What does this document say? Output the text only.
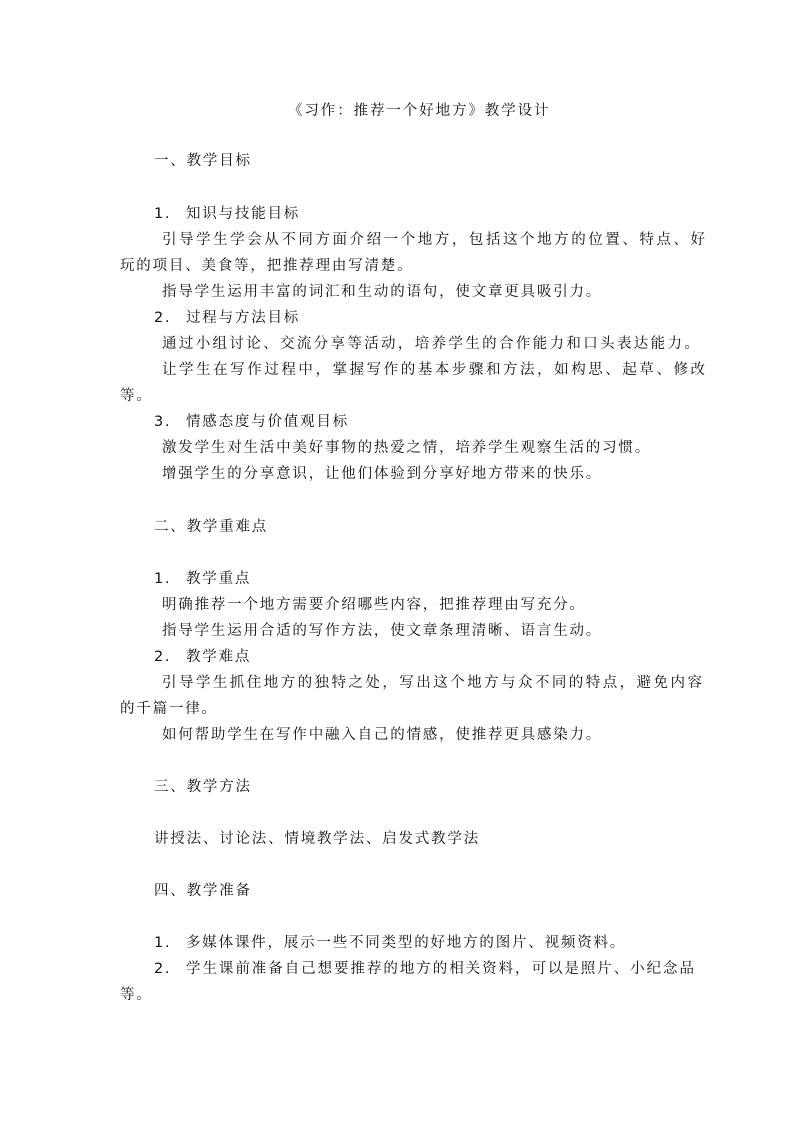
《习作：推荐一个好地方》教学设计
一、教学目标
1. 知识与技能目标
引导学生学会从不同方面介绍一个地方，包括这个地方的位置、特点、好
玩的项目、美食等，把推荐理由写清楚。
指导学生运用丰富的词汇和生动的语句，使文章更具吸引力。
2. 过程与方法目标
通过小组讨论、交流分享等活动，培养学生的合作能力和口头表达能力。
让学生在写作过程中，掌握写作的基本步骤和方法，如构思、起草、修改
等。
3. 情感态度与价值观目标
激发学生对生活中美好事物的热爱之情，培养学生观察生活的习惯。
增强学生的分享意识，让他们体验到分享好地方带来的快乐。
二、教学重难点
1. 教学重点
明确推荐一个地方需要介绍哪些内容，把推荐理由写充分。
指导学生运用合适的写作方法，使文章条理清晰、语言生动。
2. 教学难点
引导学生抓住地方的独特之处，写出这个地方与众不同的特点，避免内容
的千篇一律。
如何帮助学生在写作中融入自己的情感，使推荐更具感染力。
三、教学方法
讲授法、讨论法、情境教学法、启发式教学法
四、教学准备
1. 多媒体课件，展示一些不同类型的好地方的图片、视频资料。
2. 学生课前准备自己想要推荐的地方的相关资料，可以是照片、小纪念品
等。
